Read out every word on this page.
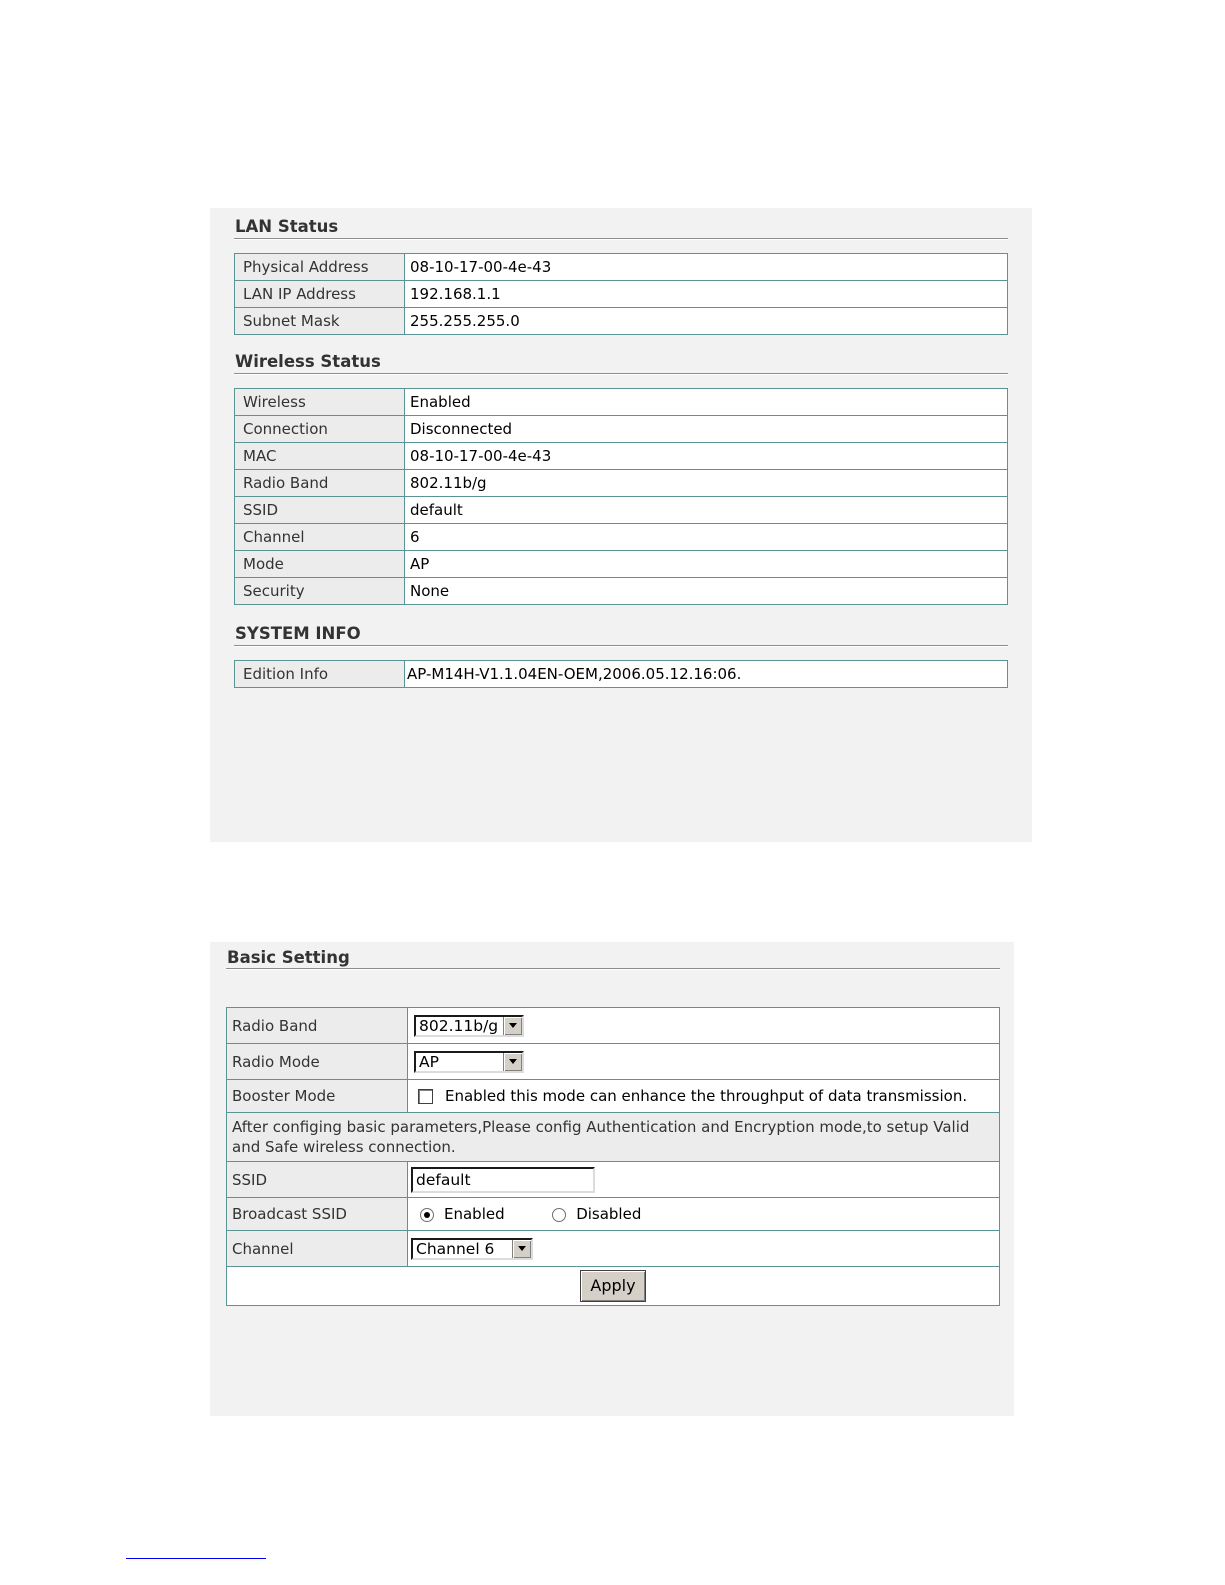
LAN Status
Physical Address	08-10-17-00-4e-43
LAN IP Address	192.168.1.1
Subnet Mask	255.255.255.0
Wireless Status
Wireless	Enabled
Connection	Disconnected
MAC	08-10-17-00-4e-43
Radio Band	802.11b/g
SSID	default
Channel	6
Mode	AP
Security	None
SYSTEM INFO
Edition Info	AP-M14H-V1.1.04EN-OEM,2006.05.12.16:06.
Basic Setting
Radio Band	802.11b/g

Radio Mode	AP

Booster Mode	Enabled this mode can enhance the throughput of data transmission.
After configing basic parameters,Please config Authentication and Encryption mode,to setup Valid and Safe wireless connection.	
SSID	default
Broadcast SSID	Enabled Disabled
Channel	Channel 6

Apply	
